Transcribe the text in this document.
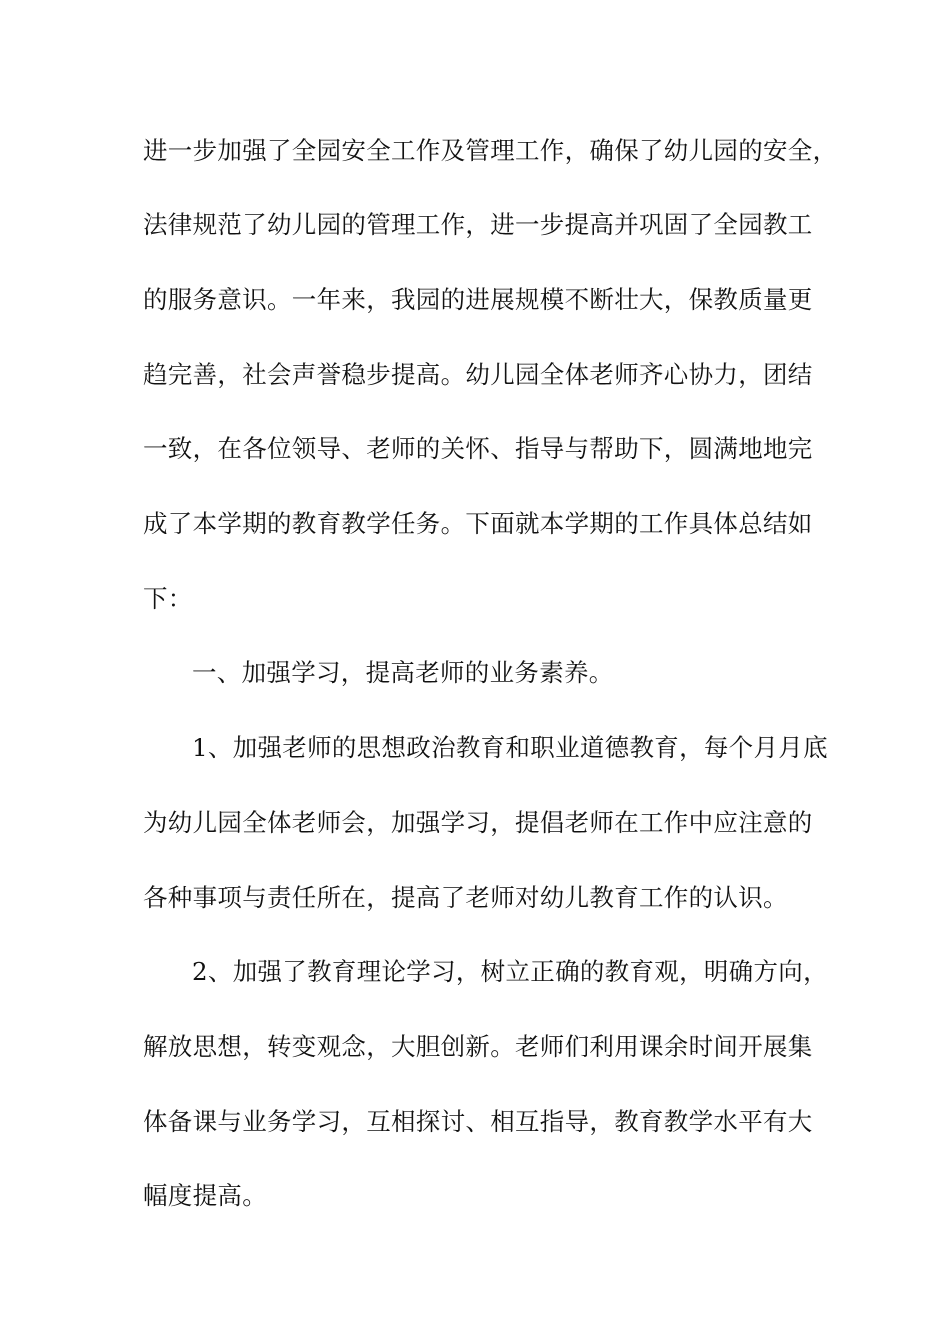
进一步加强了全园安全工作及管理工作，确保了幼儿园的安全，
法律规范了幼儿园的管理工作，进一步提高并巩固了全园教工
的服务意识。一年来，我园的进展规模不断壮大，保教质量更
趋完善，社会声誉稳步提高。幼儿园全体老师齐心协力，团结
一致，在各位领导、老师的关怀、指导与帮助下，圆满地地完
成了本学期的教育教学任务。下面就本学期的工作具体总结如
下：
一、加强学习，提高老师的业务素养。
1、加强老师的思想政治教育和职业道德教育，每个月月底
为幼儿园全体老师会，加强学习，提倡老师在工作中应注意的
各种事项与责任所在，提高了老师对幼儿教育工作的认识。
2、加强了教育理论学习，树立正确的教育观，明确方向，
解放思想，转变观念，大胆创新。老师们利用课余时间开展集
体备课与业务学习，互相探讨、相互指导，教育教学水平有大
幅度提高。
